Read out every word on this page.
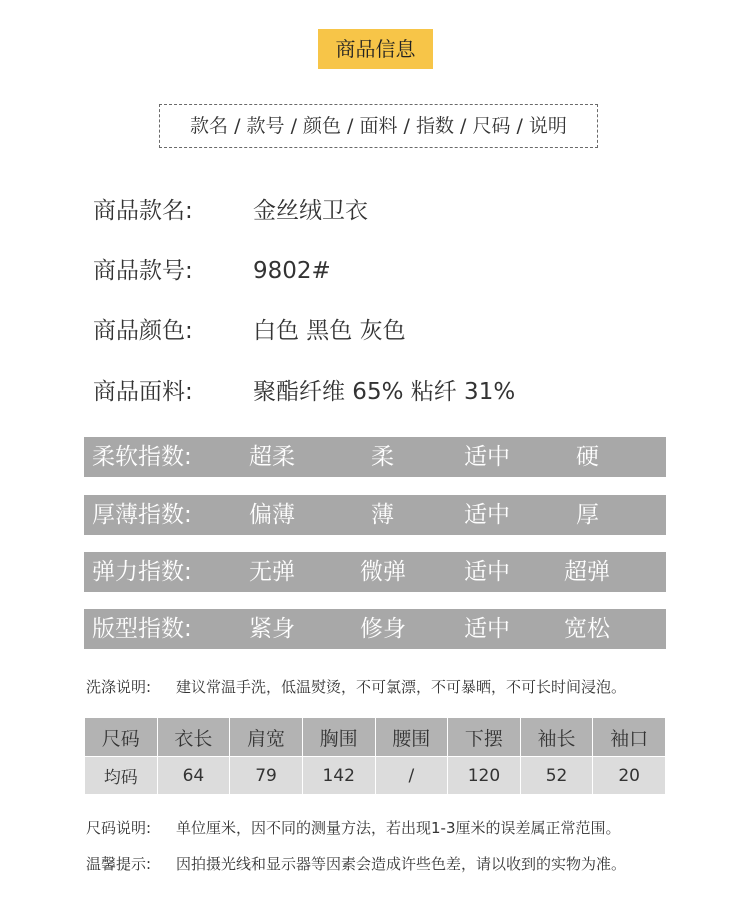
商品信息
款名 / 款号 / 颜色 / 面料 / 指数 / 尺码 / 说明
商品款名:	金丝绒卫衣
商品款号:	9802#
商品颜色:	白色 黑色 灰色
商品面料:	聚酯纤维 65% 粘纤 31%
柔软指数: 超柔	柔	适中	硬
厚薄指数: 偏薄	薄	适中	厚
弹力指数: 无弹	微弹	适中 超弹
版型指数: 紧身	修身	适中 宽松
洗涤说明: 建议常温手洗，低温熨烫，不可氯漂，不可暴晒，不可长时间浸泡。
尺码	衣长	肩宽	胸围	腰围	下摆	袖长	袖口
均码	64	79	142	/	120	52	20
尺码说明: 单位厘米，因不同的测量方法，若出现1-3厘米的误差属正常范围。
温馨提示: 因拍摄光线和显示器等因素会造成许些色差，请以收到的实物为准。
